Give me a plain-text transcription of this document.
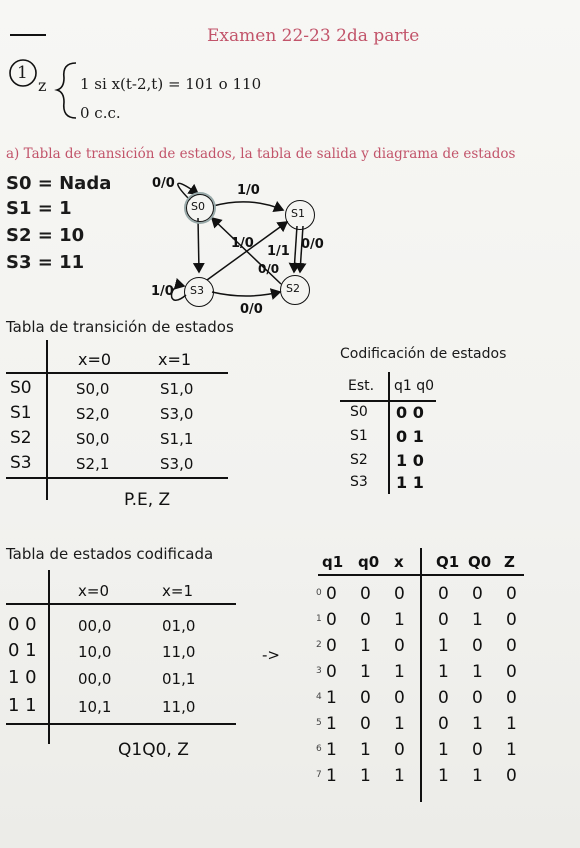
Examen 22-23 2da parte
1
z 1 si x(t-2,t) = 101 o 110
0 c.c.
a) Tabla de transición de estados, la tabla de salida y diagrama de estados
S0 = Nada
S1 = 1
S2 = 10
S3 = 11
S0
S1
S2
S3
0/0	1/0
1/0	0/0
1/1
0/0
0/0
1/0
Tabla de transición de estados
x=0	x=1
S0	S0,0	S1,0
S1	S2,0	S3,0
S2	S0,0	S1,1
S3	S2,1	S3,0
P.E, Z
Codificación de estados
Est. q1 q0
S0 0 0
S1 0 1
S2 1 0
S3 1 1
Tabla de estados codificada
x=0	x=1
0 0	00,0	01,0
0 1	10,0	11,0
1 0	00,0	01,1
1 1	10,1	11,0
Q1Q0, Z
->
q1 q0 x Q1 Q0 Z
0 0 0 0 0 0 0
1 0 0 1 0 1 0
2 0 1 0 1 0 0
3 0 1 1 1 1 0
4 1 0 0 0 0 0
5 1 0 1 0 1 1
6 1 1 0 1 0 1
7 1 1 1 1 1 0
